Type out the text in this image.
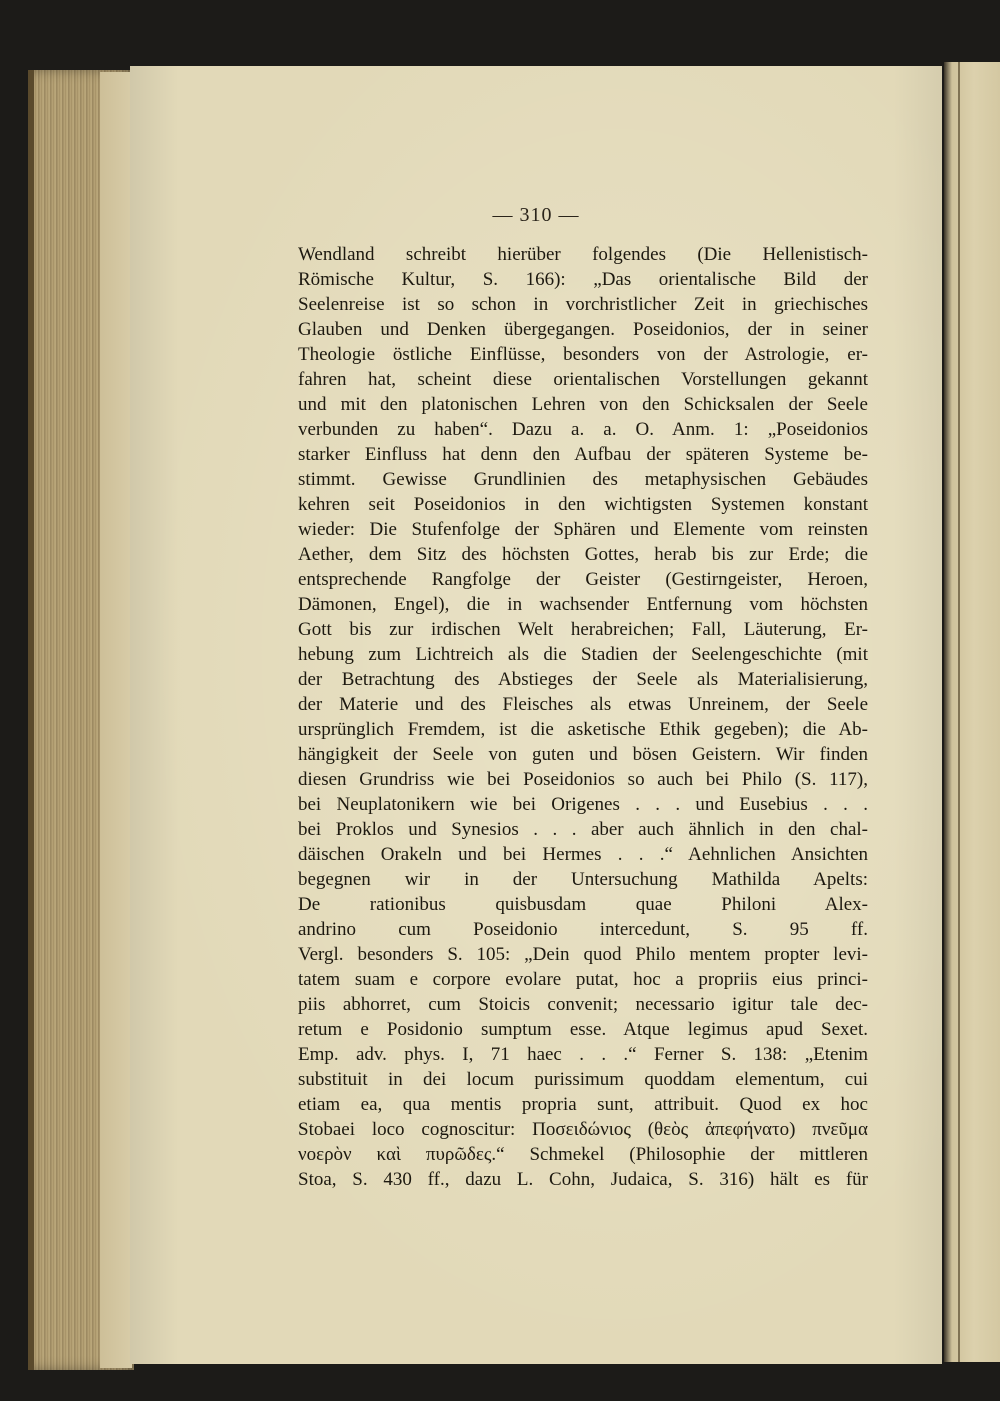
— 310 —
Wendland schreibt hierüber folgendes (Die Hellenistisch-
Römische Kultur, S. 166): „Das orientalische Bild der
Seelenreise ist so schon in vorchristlicher Zeit in griechisches
Glauben und Denken übergegangen. Poseidonios, der in seiner
Theologie östliche Einflüsse, besonders von der Astrologie, er-
fahren hat, scheint diese orientalischen Vorstellungen gekannt
und mit den platonischen Lehren von den Schicksalen der Seele
verbunden zu haben“. Dazu a. a. O. Anm. 1: „Poseidonios
starker Einfluss hat denn den Aufbau der späteren Systeme be-
stimmt. Gewisse Grundlinien des metaphysischen Gebäudes
kehren seit Poseidonios in den wichtigsten Systemen konstant
wieder: Die Stufenfolge der Sphären und Elemente vom reinsten
Aether, dem Sitz des höchsten Gottes, herab bis zur Erde; die
entsprechende Rangfolge der Geister (Gestirngeister, Heroen,
Dämonen, Engel), die in wachsender Entfernung vom höchsten
Gott bis zur irdischen Welt herabreichen; Fall, Läuterung, Er-
hebung zum Lichtreich als die Stadien der Seelengeschichte (mit
der Betrachtung des Abstieges der Seele als Materialisierung,
der Materie und des Fleisches als etwas Unreinem, der Seele
ursprünglich Fremdem, ist die asketische Ethik gegeben); die Ab-
hängigkeit der Seele von guten und bösen Geistern. Wir finden
diesen Grundriss wie bei Poseidonios so auch bei Philo (S. 117),
bei Neuplatonikern wie bei Origenes . . . und Eusebius . . .
bei Proklos und Synesios . . . aber auch ähnlich in den chal-
däischen Orakeln und bei Hermes . . .“ Aehnlichen Ansichten
begegnen wir in der Untersuchung Mathilda Apelts:
De rationibus quisbusdam quae Philoni Alex-
andrino cum Poseidonio intercedunt, S. 95 ff.
Vergl. besonders S. 105: „Dein quod Philo mentem propter levi-
tatem suam e corpore evolare putat, hoc a propriis eius princi-
piis abhorret, cum Stoicis convenit; necessario igitur tale dec-
retum e Posidonio sumptum esse. Atque legimus apud Sexet.
Emp. adv. phys. I, 71 haec . . .“ Ferner S. 138: „Etenim
substituit in dei locum purissimum quoddam elementum, cui
etiam ea, qua mentis propria sunt, attribuit. Quod ex hoc
Stobaei loco cognoscitur: Ποσειδώνιος (θεὸς ἀπεφήνατο) πνεῦμα
νοερὸν καὶ πυρῶδες.“ Schmekel (Philosophie der mittleren
Stoa, S. 430 ff., dazu L. Cohn, Judaica, S. 316) hält es für
